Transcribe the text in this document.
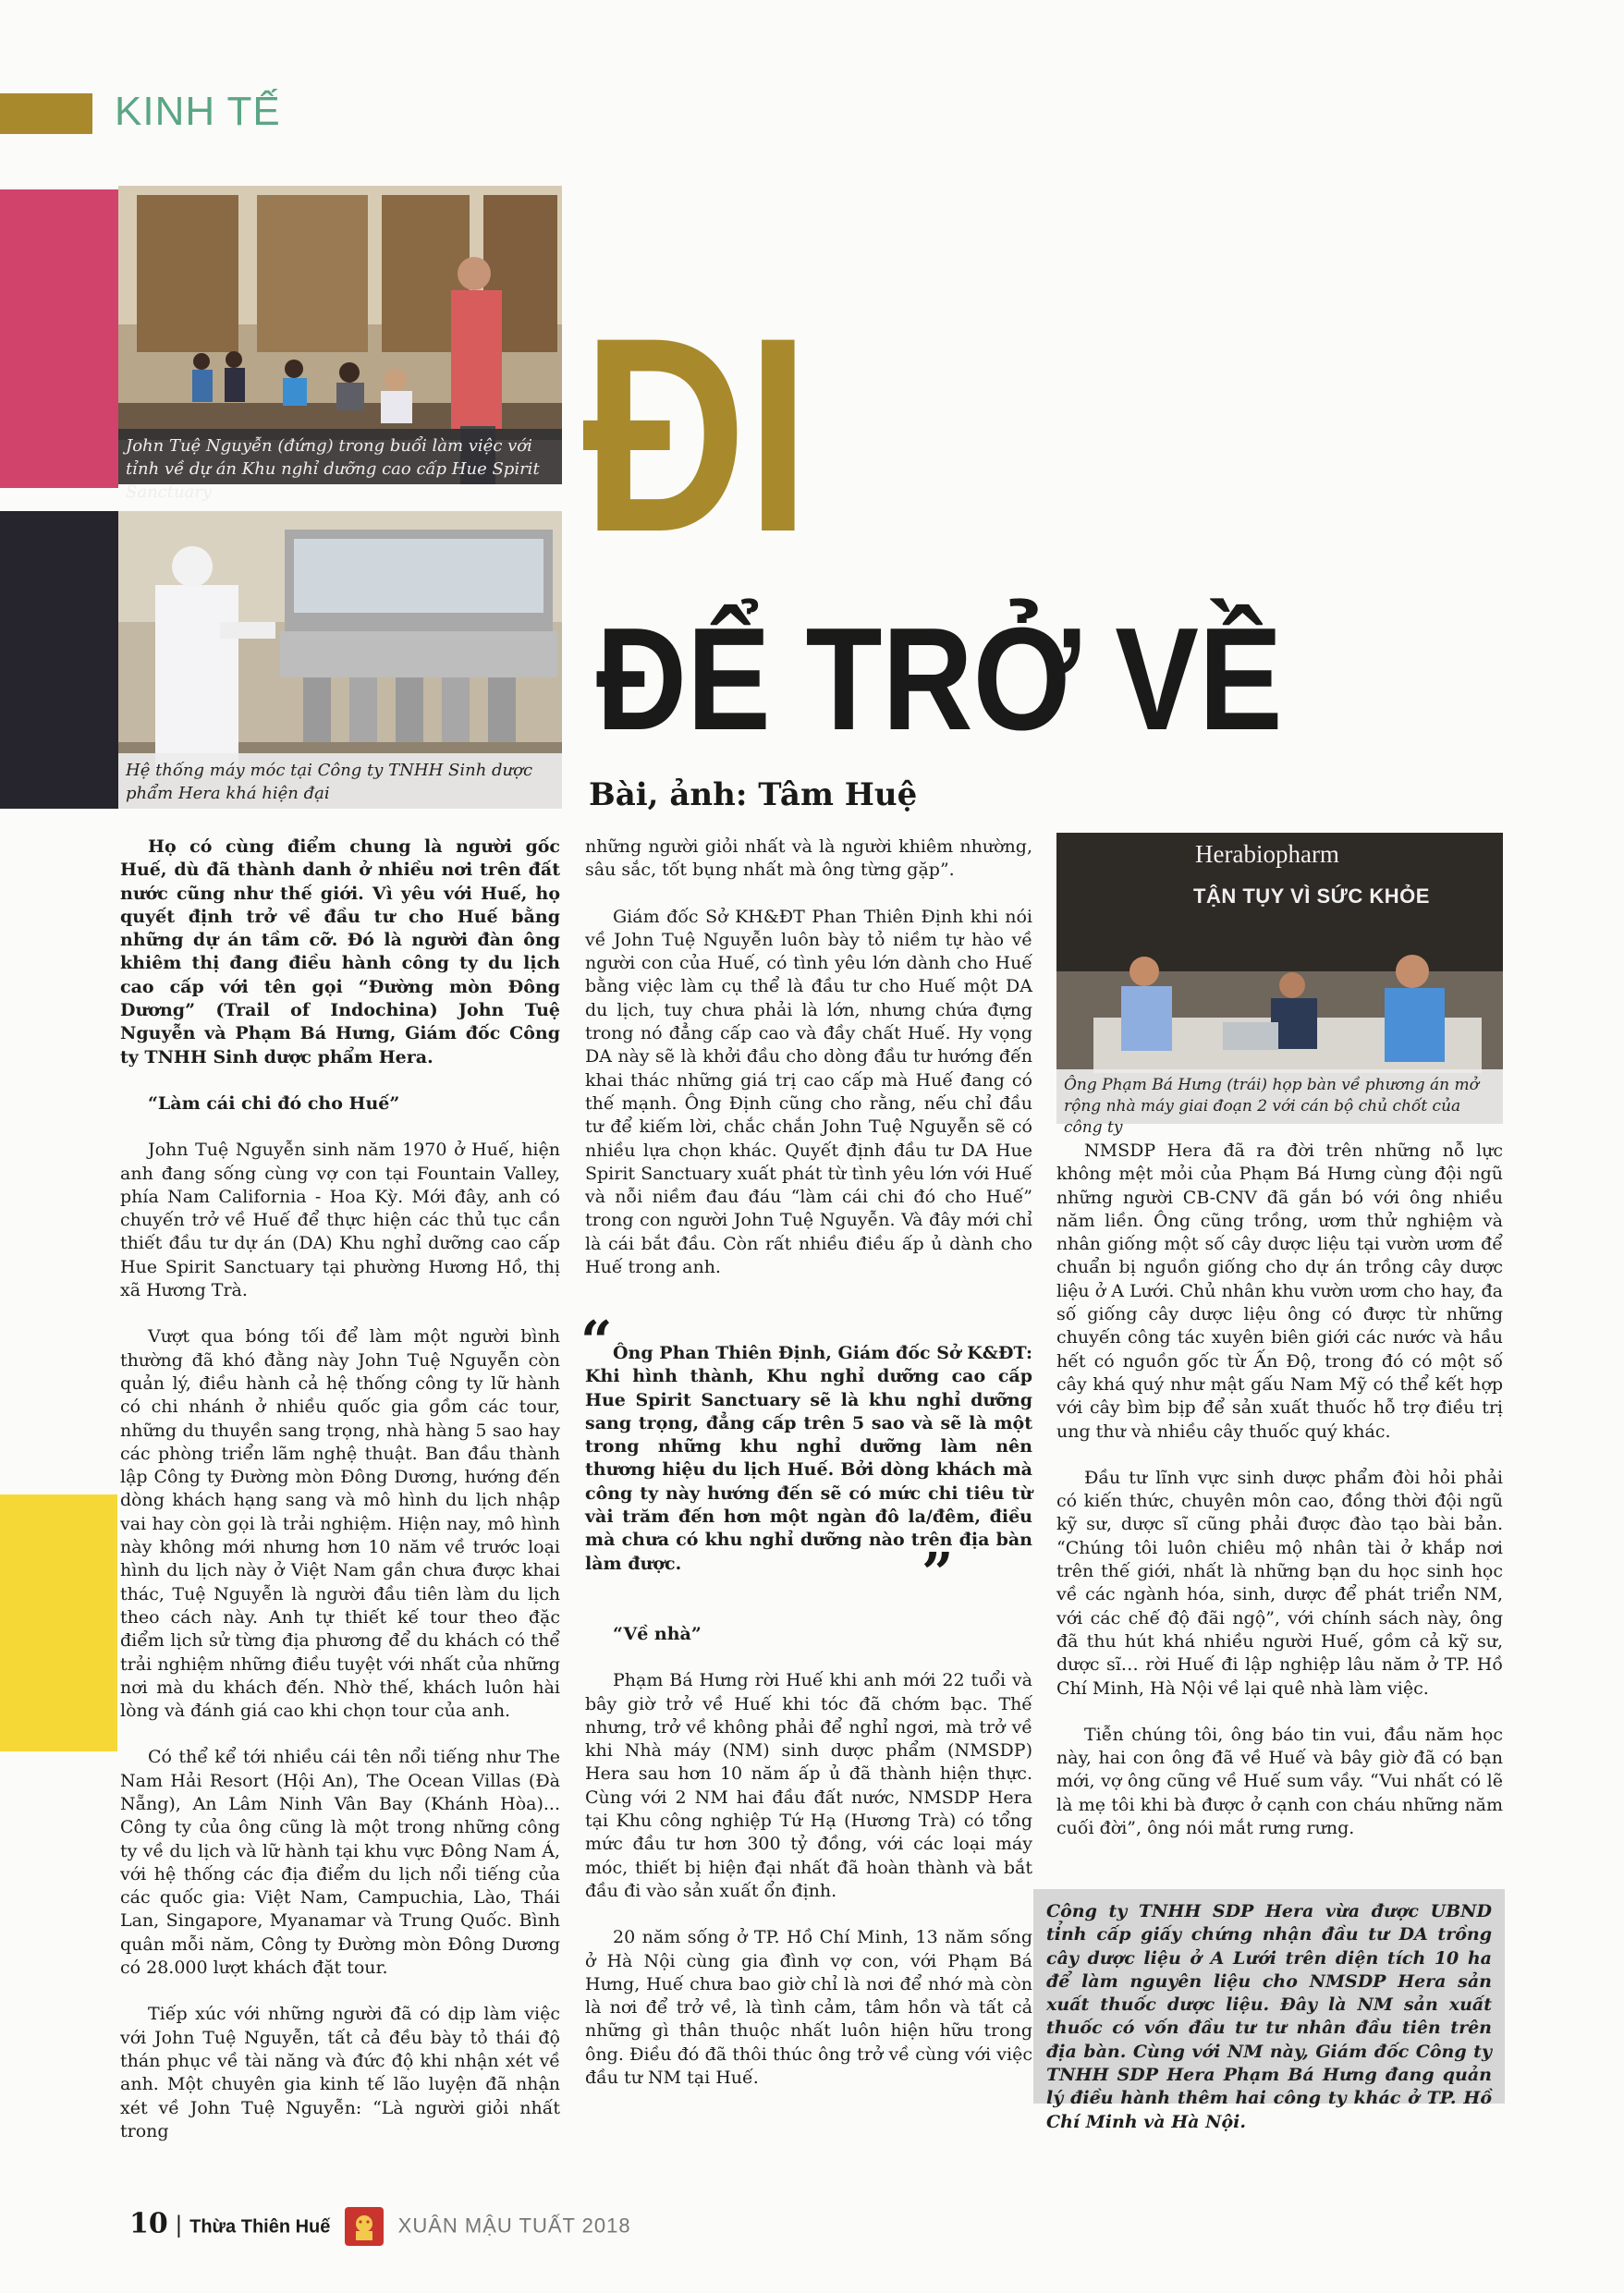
KINH TẾ
John Tuệ Nguyễn (đứng) trong buổi làm việc với tỉnh về dự án Khu nghỉ dưỡng cao cấp Hue Spirit Sanctuary
Hệ thống máy móc tại Công ty TNHH Sinh dược phẩm Hera khá hiện đại
ĐI
ĐỂ TRỞ VỀ
Bài, ảnh: Tâm Huệ
Herabiopharm
TẬN TỤY VÌ SỨC KHỎE
Ông Phạm Bá Hưng (trái) họp bàn về phương án mở rộng nhà máy giai đoạn 2 với cán bộ chủ chốt của công ty

Họ có cùng điểm chung là người gốc Huế, dù đã thành danh ở nhiều nơi trên đất nước cũng như thế giới. Vì yêu với Huế, họ quyết định trở về đầu tư cho Huế bằng những dự án tầm cỡ. Đó là người đàn ông khiêm thị đang điều hành công ty du lịch cao cấp với tên gọi “Đường mòn Đông Dương” (Trail of Indochina) John Tuệ Nguyễn và Phạm Bá Hưng, Giám đốc Công ty TNHH Sinh dược phẩm Hera.

“Làm cái chi đó cho Huế”

John Tuệ Nguyễn sinh năm 1970 ở Huế, hiện anh đang sống cùng vợ con tại Fountain Valley, phía Nam California - Hoa Kỳ. Mới đây, anh có chuyến trở về Huế để thực hiện các thủ tục cần thiết đầu tư dự án (DA) Khu nghỉ dưỡng cao cấp Hue Spirit Sanctuary tại phường Hương Hồ, thị xã Hương Trà.

Vượt qua bóng tối để làm một người bình thường đã khó đằng này John Tuệ Nguyễn còn quản lý, điều hành cả hệ thống công ty lữ hành có chi nhánh ở nhiều quốc gia gồm các tour, những du thuyền sang trọng, nhà hàng 5 sao hay các phòng triển lãm nghệ thuật. Ban đầu thành lập Công ty Đường mòn Đông Dương, hướng đến dòng khách hạng sang và mô hình du lịch nhập vai hay còn gọi là trải nghiệm. Hiện nay, mô hình này không mới nhưng hơn 10 năm về trước loại hình du lịch này ở Việt Nam gần chưa được khai thác, Tuệ Nguyễn là người đầu tiên làm du lịch theo cách này. Anh tự thiết kế tour theo đặc điểm lịch sử từng địa phương để du khách có thể trải nghiệm những điều tuyệt với nhất của những nơi mà du khách đến. Nhờ thế, khách luôn hài lòng và đánh giá cao khi chọn tour của anh.

Có thể kể tới nhiều cái tên nổi tiếng như The Nam Hải Resort (Hội An), The Ocean Villas (Đà Nẵng), An Lâm Ninh Vân Bay (Khánh Hòa)... Công ty của ông cũng là một trong những công ty về du lịch và lữ hành tại khu vực Đông Nam Á, với hệ thống các địa điểm du lịch nổi tiếng của các quốc gia: Việt Nam, Campuchia, Lào, Thái Lan, Singapore, Myanamar và Trung Quốc. Bình quân mỗi năm, Công ty Đường mòn Đông Dương có 28.000 lượt khách đặt tour.

Tiếp xúc với những người đã có dịp làm việc với John Tuệ Nguyễn, tất cả đều bày tỏ thái độ thán phục về tài năng và đức độ khi nhận xét về anh. Một chuyên gia kinh tế lão luyện đã nhận xét về John Tuệ Nguyễn: “Là người giỏi nhất trong

những người giỏi nhất và là người khiêm nhường, sâu sắc, tốt bụng nhất mà ông từng gặp”.

Giám đốc Sở KH&ĐT Phan Thiên Định khi nói về John Tuệ Nguyễn luôn bày tỏ niềm tự hào về người con của Huế, có tình yêu lớn dành cho Huế bằng việc làm cụ thể là đầu tư cho Huế một DA du lịch, tuy chưa phải là lớn, nhưng chứa đựng trong nó đẳng cấp cao và đầy chất Huế. Hy vọng DA này sẽ là khởi đầu cho dòng đầu tư hướng đến khai thác những giá trị cao cấp mà Huế đang có thế mạnh. Ông Định cũng cho rằng, nếu chỉ đầu tư để kiếm lời, chắc chắn John Tuệ Nguyễn sẽ có nhiều lựa chọn khác. Quyết định đầu tư DA Hue Spirit Sanctuary xuất phát từ tình yêu lớn với Huế và nỗi niềm đau đáu “làm cái chi đó cho Huế” trong con người John Tuệ Nguyễn. Và đây mới chỉ là cái bắt đầu. Còn rất nhiều điều ấp ủ dành cho Huế trong anh.

“ Ông Phan Thiên Định, Giám đốc Sở K&ĐT: Khi hình thành, Khu nghỉ dưỡng cao cấp Hue Spirit Sanctuary sẽ là khu nghỉ dưỡng sang trọng, đẳng cấp trên 5 sao và sẽ là một trong những khu nghỉ dưỡng làm nên thương hiệu du lịch Huế. Bởi dòng khách mà công ty này hướng đến sẽ có mức chi tiêu từ vài trăm đến hơn một ngàn đô la/đêm, điều mà chưa có khu nghỉ dưỡng nào trên địa bàn làm được.	”

“Về nhà”

Phạm Bá Hưng rời Huế khi anh mới 22 tuổi và bây giờ trở về Huế khi tóc đã chớm bạc. Thế nhưng, trở về không phải để nghỉ ngơi, mà trở về khi Nhà máy (NM) sinh dược phẩm (NMSDP) Hera sau hơn 10 năm ấp ủ đã thành hiện thực. Cùng với 2 NM hai đầu đất nước, NMSDP Hera tại Khu công nghiệp Tứ Hạ (Hương Trà) có tổng mức đầu tư hơn 300 tỷ đồng, với các loại máy móc, thiết bị hiện đại nhất đã hoàn thành và bắt đầu đi vào sản xuất ổn định.

20 năm sống ở TP. Hồ Chí Minh, 13 năm sống ở Hà Nội cùng gia đình vợ con, với Phạm Bá Hưng, Huế chưa bao giờ chỉ là nơi để nhớ mà còn là nơi để trở về, là tình cảm, tâm hồn và tất cả những gì thân thuộc nhất luôn hiện hữu trong ông. Điều đó đã thôi thúc ông trở về cùng với việc đầu tư NM tại Huế.

NMSDP Hera đã ra đời trên những nỗ lực không mệt mỏi của Phạm Bá Hưng cùng đội ngũ những người CB-CNV đã gắn bó với ông nhiều năm liền. Ông cũng trồng, ươm thử nghiệm và nhân giống một số cây dược liệu tại vườn ươm để chuẩn bị nguồn giống cho dự án trồng cây dược liệu ở A Lưới. Chủ nhân khu vườn ươm cho hay, đa số giống cây dược liệu ông có được từ những chuyến công tác xuyên biên giới các nước và hầu hết có nguồn gốc từ Ấn Độ, trong đó có một số cây khá quý như mật gấu Nam Mỹ có thể kết hợp với cây bìm bịp để sản xuất thuốc hỗ trợ điều trị ung thư và nhiều cây thuốc quý khác.

Đầu tư lĩnh vực sinh dược phẩm đòi hỏi phải có kiến thức, chuyên môn cao, đồng thời đội ngũ kỹ sư, dược sĩ cũng phải được đào tạo bài bản. “Chúng tôi luôn chiêu mộ nhân tài ở khắp nơi trên thế giới, nhất là những bạn du học sinh học về các ngành hóa, sinh, dược để phát triển NM, với các chế độ đãi ngộ”, với chính sách này, ông đã thu hút khá nhiều người Huế, gồm cả kỹ sư, dược sĩ… rời Huế đi lập nghiệp lâu năm ở TP. Hồ Chí Minh, Hà Nội về lại quê nhà làm việc.

Tiễn chúng tôi, ông báo tin vui, đầu năm học này, hai con ông đã về Huế và bây giờ đã có bạn mới, vợ ông cũng về Huế sum vầy. “Vui nhất có lẽ là mẹ tôi khi bà được ở cạnh con cháu những năm cuối đời”, ông nói mắt rưng rưng.

Công ty TNHH SDP Hera vừa được UBND tỉnh cấp giấy chứng nhận đầu tư DA trồng cây dược liệu ở A Lưới trên diện tích 10 ha để làm nguyên liệu cho NMSDP Hera sản xuất thuốc dược liệu. Đây là NM sản xuất thuốc có vốn đầu tư tư nhân đầu tiên trên địa bàn. Cùng với NM này, Giám đốc Công ty TNHH SDP Hera Phạm Bá Hưng đang quản lý điều hành thêm hai công ty khác ở TP. Hồ Chí Minh và Hà Nội.
10 | Thừa Thiên Huế	XUÂN MẬU TUẤT 2018
